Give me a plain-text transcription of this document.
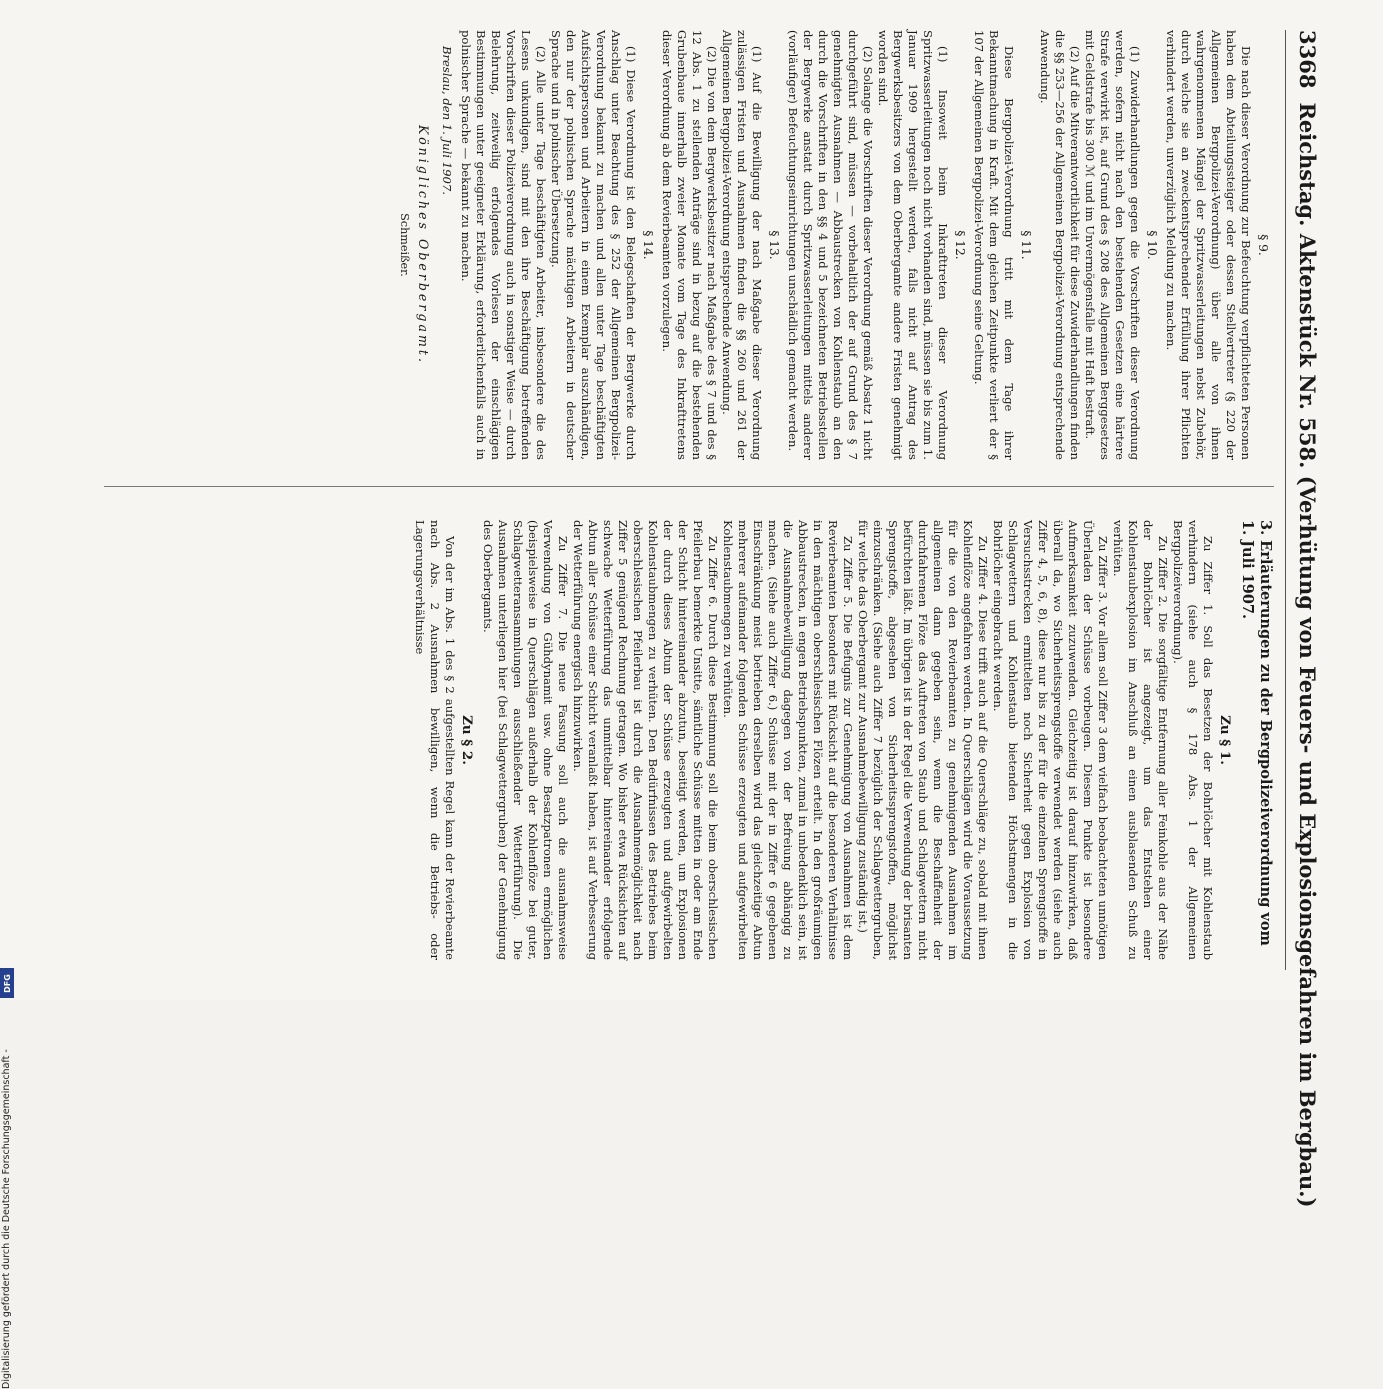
3368
Reichstag. Aktenstück Nr. 558. (Verhütung von Feuers- und Explosionsgefahren im Bergbau.)
§ 9.

Die nach dieser Verordnung zur Befeuchtung verpflichteten Personen haben dem Abteilungssteiger oder dessen Stellvertreter (§ 220 der Allgemeinen Bergpolizei-Verordnung) über alle von ihnen wahrgenommenen Mängel der Spritzwasserleitungen nebst Zubehör, durch welche sie an zweckentsprechender Erfüllung ihrer Pflichten verhindert werden, unverzüglich Meldung zu machen.

§ 10.

(1) Zuwiderhandlungen gegen die Vorschriften dieser Verordnung werden, sofern nicht nach den bestehenden Gesetzen eine härtere Strafe verwirkt ist, auf Grund des § 208 des Allgemeinen Berggesetzes mit Geldstrafe bis 300 ℳ und im Unvermögensfalle mit Haft bestraft.

(2) Auf die Mitverantwortlichkeit für diese Zuwiderhandlungen finden die §§ 253—256 der Allgemeinen Bergpolizei-Verordnung entsprechende Anwendung.

§ 11.

Diese Bergpolizei-Verordnung tritt mit dem Tage ihrer Bekanntmachung in Kraft. Mit dem gleichen Zeitpunkte verliert der § 107 der Allgemeinen Bergpolizei-Verordnung seine Geltung.

§ 12.

(1) Insoweit beim Inkrafttreten dieser Verordnung Spritzwasserleitungen noch nicht vorhanden sind, müssen sie bis zum 1. Januar 1909 hergestellt werden, falls nicht auf Antrag des Bergwerksbesitzers von dem Oberbergamte andere Fristen genehmigt worden sind.

(2) Solange die Vorschriften dieser Verordnung gemäß Absatz 1 nicht durchgeführt sind, müssen — vorbehaltlich der auf Grund des § 7 genehmigten Ausnahmen — Abbaustrecken von Kohlenstaub an den durch die Vorschriften in den §§ 4 und 5 bezeichneten Betriebsstellen der Bergwerke anstatt durch Spritzwasserleitungen mittels anderer (vorläufiger) Befeuchtungseinrichtungen unschädlich gemacht werden.

§ 13.

(1) Auf die Bewilligung der nach Maßgabe dieser Verordnung zulässigen Fristen und Ausnahmen finden die §§ 260 und 261 der Allgemeinen Bergpolizei-Verordnung entsprechende Anwendung.

(2) Die von dem Bergwerksbesitzer nach Maßgabe des § 7 und des § 12 Abs. 1 zu stellenden Anträge sind in bezug auf die bestehenden Grubenbaue innerhalb zweier Monate vom Tage des Inkrafttretens dieser Verordnung ab dem Revierbeamten vorzulegen.

§ 14.

(1) Diese Verordnung ist den Belegschaften der Bergwerke durch Anschlag unter Beachtung des § 252 der Allgemeinen Bergpolizei-Verordnung bekannt zu machen und allen unter Tage beschäftigten Aufsichtspersonen und Arbeitern in einem Exemplar auszuhändigen, den nur der polnischen Sprache mächtigen Arbeitern in deutscher Sprache und in polnischer Übersetzung.

(2) Alle unter Tage beschäftigten Arbeiter, insbesondere die des Lesens unkundigen, sind mit den ihre Beschäftigung betreffenden Vorschriften dieser Polizeiverordnung auch in sonstiger Weise — durch Belehrung, zeitweilig erfolgendes Vorlesen der einschlägigen Bestimmungen unter geeigneter Erklärung, erforderlichenfalls auch in polnischer Sprache — bekannt zu machen.

Breslau, den 1. Juli 1907.

Königliches Oberbergamt.
Schmeißer.
3. Erläuterungen zu der Bergpolizeiverordnung vom 1. Juli 1907.
Zu § 1.

Zu Ziffer 1. Soll das Besetzen der Bohrlöcher mit Kohlenstaub verhindern (siehe auch § 178 Abs. 1 der Allgemeinen Bergpolizeiverordnung).

Zu Ziffer 2. Die sorgfältige Entfernung aller Feinkohle aus der Nähe der Bohrlöcher ist angezeigt, um das Entstehen einer Kohlenstaubexplosion im Anschluß an einen ausblasenden Schuß zu verhüten.

Zu Ziffer 3. Vor allem soll Ziffer 3 dem vielfach beobachteten unnötigen Überladen der Schüsse vorbeugen. Diesem Punkte ist besondere Aufmerksamkeit zuzuwenden. Gleichzeitig ist darauf hinzuwirken, daß überall da, wo Sicherheitssprengstoffe verwendet werden (siehe auch Ziffer 4, 5, 6, 8), diese nur bis zu der für die einzelnen Sprengstoffe in Versuchsstrecken ermittelten noch Sicherheit gegen Explosion von Schlagwettern und Kohlenstaub bietenden Höchstmengen in die Bohrlöcher eingebracht werden.

Zu Ziffer 4. Diese trifft auch auf die Querschläge zu, sobald mit ihnen Kohlenflöze angefahren werden. In Querschlägen wird die Voraussetzung für die von den Revierbeamten zu genehmigenden Ausnahmen im allgemeinen dann gegeben sein, wenn die Beschaffenheit der durchfahrenen Flöze das Auftreten von Staub und Schlagwettern nicht befürchten läßt. Im übrigen ist in der Regel die Verwendung der brisanten Sprengstoffe, abgesehen von Sicherheitssprengstoffen, möglichst einzuschränken. (Siehe auch Ziffer 7 bezüglich der Schlagwettergruben, für welche das Oberbergamt zur Ausnahmebewilligung zuständig ist.)

Zu Ziffer 5. Die Befugnis zur Genehmigung von Ausnahmen ist dem Revierbeamten besonders mit Rücksicht auf die besonderen Verhältnisse in den mächtigen oberschlesischen Flözen erteilt. In den großräumigen Abbaustrecken, in engen Betriebspunkten, zumal in unbedenklich sein, ist die Ausnahmebewilligung dagegen von der Befreiung abhängig zu machen. (Siehe auch Ziffer 6.) Schüsse mit der in Ziffer 6 gegebenen Einschränkung meist betrieben derselben wird das gleichzeitige Abtun mehrerer aufeinander folgenden Schüsse erzeugten und aufgewirbelten Kohlenstaubmengen zu verhüten.

Zu Ziffer 6. Durch diese Bestimmung soll die beim oberschlesischen Pfeilerbau bemerkte Unsitte, sämtliche Schüsse mitten in oder am Ende der Schicht hintereinander abzutun, beseitigt werden, um Explosionen der durch dieses Abtun der Schüsse erzeugten und aufgewirbelten Kohlenstaubmengen zu verhüten. Den Bedürfnissen des Betriebes beim oberschlesischen Pfeilerbau ist durch die Ausnahmemöglichkeit nach Ziffer 5 genügend Rechnung getragen. Wo bisher etwa Rücksichten auf schwache Wetterführung das unmittelbar hintereinander erfolgende Abtun aller Schüsse einer Schicht veranlaßt haben, ist auf Verbesserung der Wetterführung energisch hinzuwirken.

Zu Ziffer 7. Die neue Fassung soll auch die ausnahmsweise Verwendung von Gühdynamit usw. ohne Besatzpatronen ermöglichen (beispielsweise in Querschlägen außerhalb der Kohlenflöze bei guter, Schlagwetteransammlungen ausschließender Wetterführung). Die Ausnahmen unterliegen hier (bei Schlagwettergruben) der Genehmigung des Oberbergamts.

Zu § 2.

Von der im Abs. 1 des § 2 aufgestellten Regel kann der Revierbeamte nach Abs. 2 Ausnahmen bewilligen, wenn die Betriebs- oder Lagerungsverhältnisse

Digitalisierung gefördert durch die Deutsche Forschungsgemeinschaft -
DFG
